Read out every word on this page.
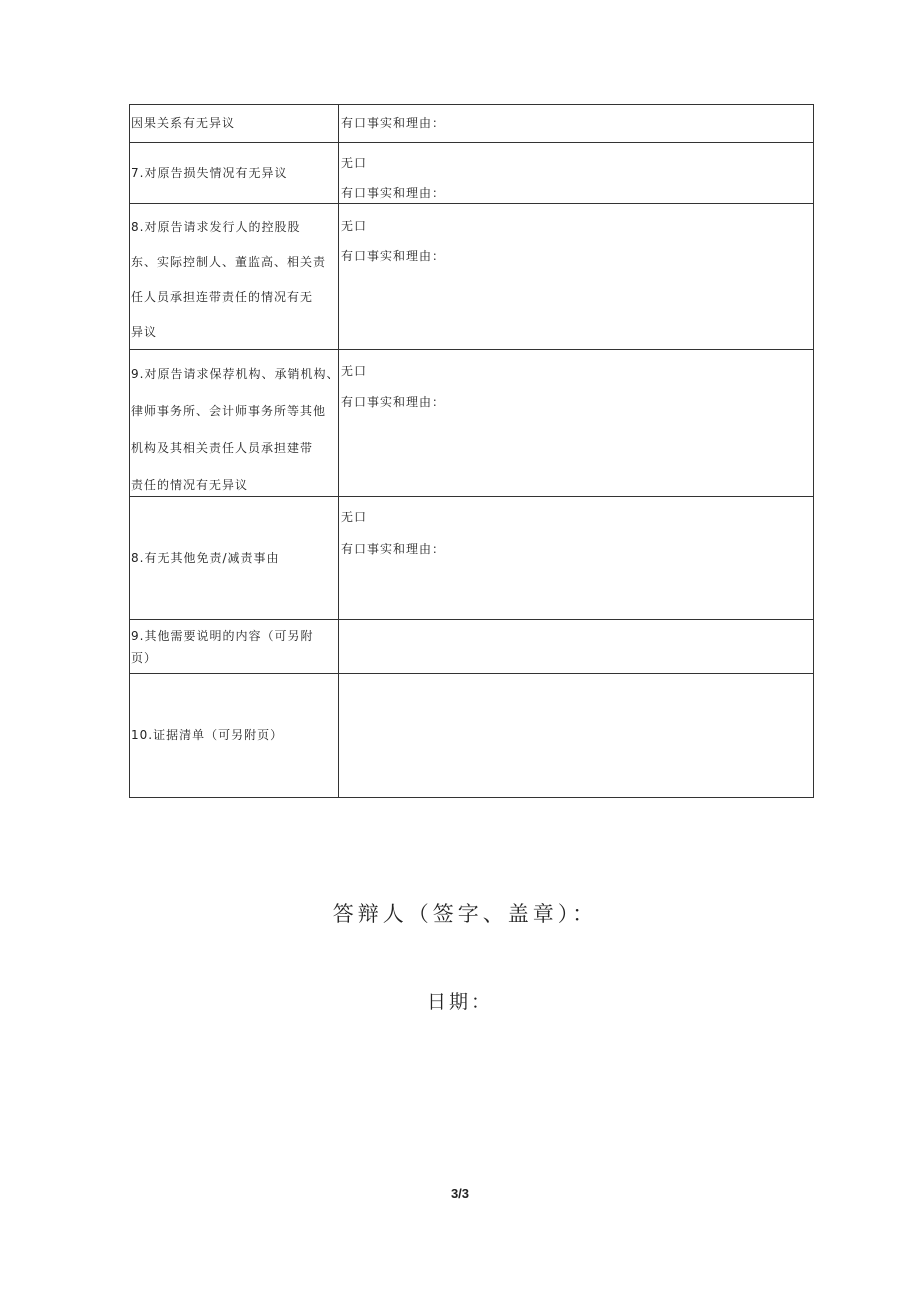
因果关系有无异议	有口事实和理由：

7.对原告损失情况有无异议	无口
有口事实和理由：

8.对原告请求发行人的控股股
东、实际控制人、董监高、相关责
任人员承担连带责任的情况有无
异议	无口
有口事实和理由：

9.对原告请求保荐机构、承销机构、
律师事务所、会计师事务所等其他
机构及其相关责任人员承担建带
责任的情况有无异议	无口
有口事实和理由：

8.有无其他免责/减责事由	无口
有口事实和理由：

9.其他需要说明的内容（可另附
页）	

10.证据清单（可另附页）	

答辩人（签字、盖章）：
日期：
3/3
